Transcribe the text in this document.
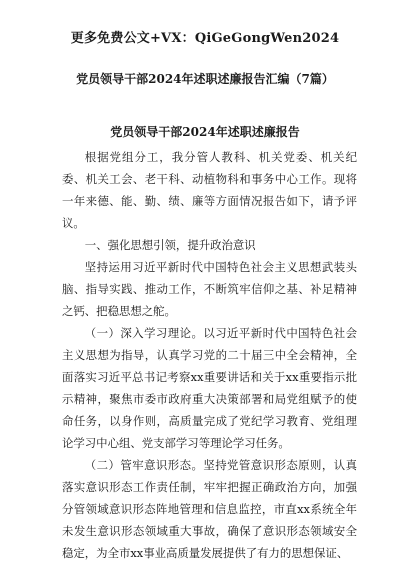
更多免费公文+VX：QiGeGongWen2024
党员领导干部2024年述职述廉报告汇编（7篇）
党员领导干部2024年述职述廉报告

根据党组分工，我分管人教科、机关党委、机关纪委、机关工会、老干科、动植物科和事务中心工作。现将一年来德、能、勤、绩、廉等方面情况报告如下，请予评议。

一、强化思想引领，提升政治意识

坚持运用习近平新时代中国特色社会主义思想武装头脑、指导实践、推动工作，不断筑牢信仰之基、补足精神之钙、把稳思想之舵。

（一）深入学习理论。以习近平新时代中国特色社会主义思想为指导，认真学习党的二十届三中全会精神，全面落实习近平总书记考察xx重要讲话和关于xx重要指示批示精神，聚焦市委市政府重大决策部署和局党组赋予的使命任务，以身作则，高质量完成了党纪学习教育、党组理论学习中心组、党支部学习等理论学习任务。

（二）管牢意识形态。坚持党管意识形态原则，认真落实意识形态工作责任制，牢牢把握正确政治方向，加强分管领域意识形态阵地管理和信息监控，市直xx系统全年未发生意识形态领域重大事故，确保了意识形态领域安全稳定，为全市xx事业高质量发展提供了有力的思想保证、
